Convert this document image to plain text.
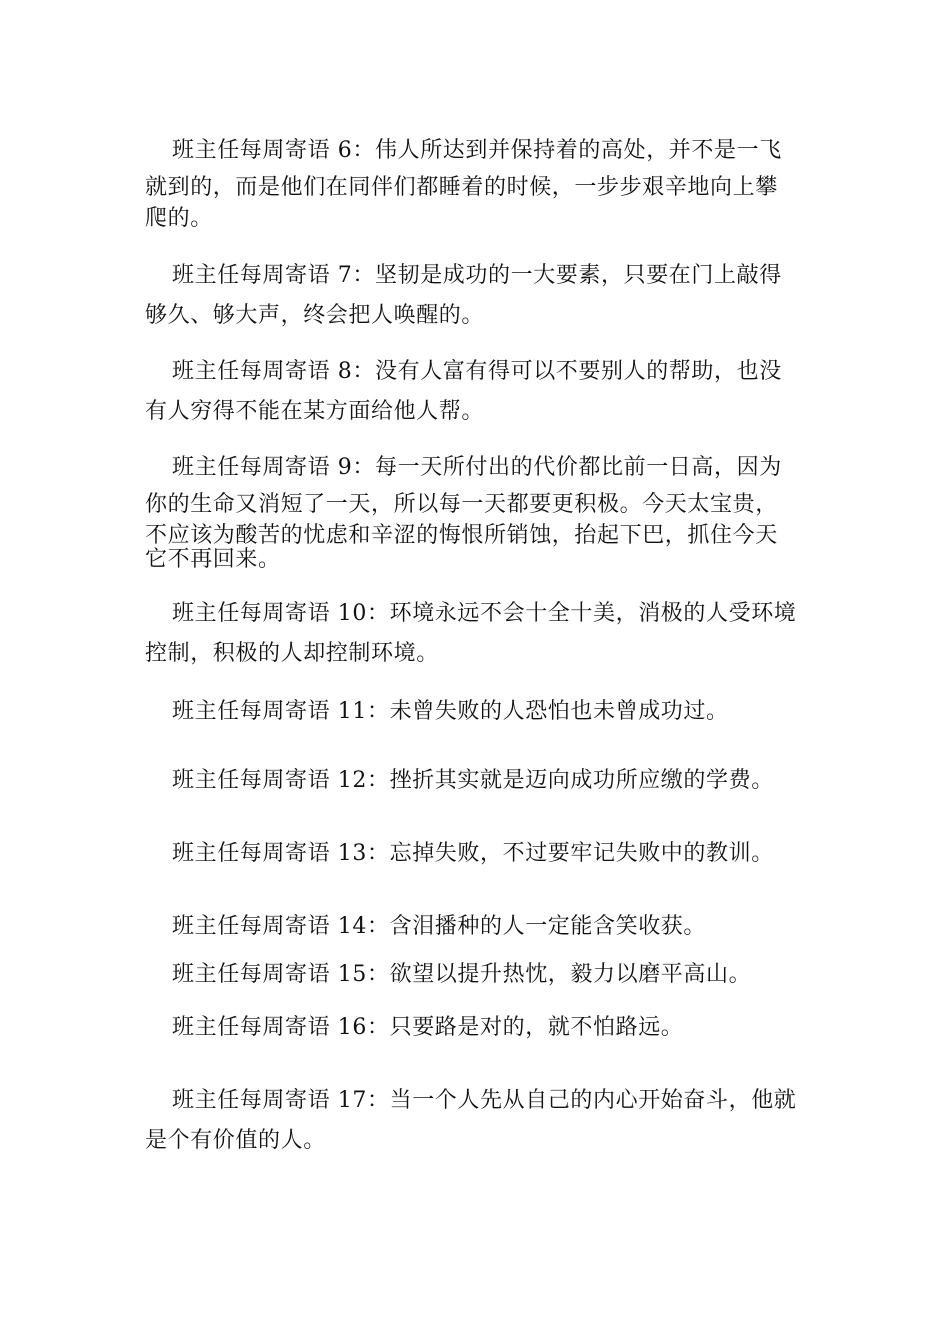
班主任每周寄语 6：伟人所达到并保持着的高处，并不是一飞
就到的，而是他们在同伴们都睡着的时候，一步步艰辛地向上攀
爬的。

班主任每周寄语 7：坚韧是成功的一大要素，只要在门上敲得
够久、够大声，终会把人唤醒的。

班主任每周寄语 8：没有人富有得可以不要别人的帮助，也没
有人穷得不能在某方面给他人帮。

班主任每周寄语 9：每一天所付出的代价都比前一日高，因为
你的生命又消短了一天，所以每一天都要更积极。今天太宝贵，
不应该为酸苦的忧虑和辛涩的悔恨所销蚀，抬起下巴，抓住今天
它不再回来。

班主任每周寄语 10：环境永远不会十全十美，消极的人受环境
控制，积极的人却控制环境。

班主任每周寄语 11：未曾失败的人恐怕也未曾成功过。

班主任每周寄语 12：挫折其实就是迈向成功所应缴的学费。

班主任每周寄语 13：忘掉失败，不过要牢记失败中的教训。

班主任每周寄语 14：含泪播种的人一定能含笑收获。

班主任每周寄语 15：欲望以提升热忱，毅力以磨平高山。

班主任每周寄语 16：只要路是对的，就不怕路远。

班主任每周寄语 17：当一个人先从自己的内心开始奋斗，他就
是个有价值的人。
